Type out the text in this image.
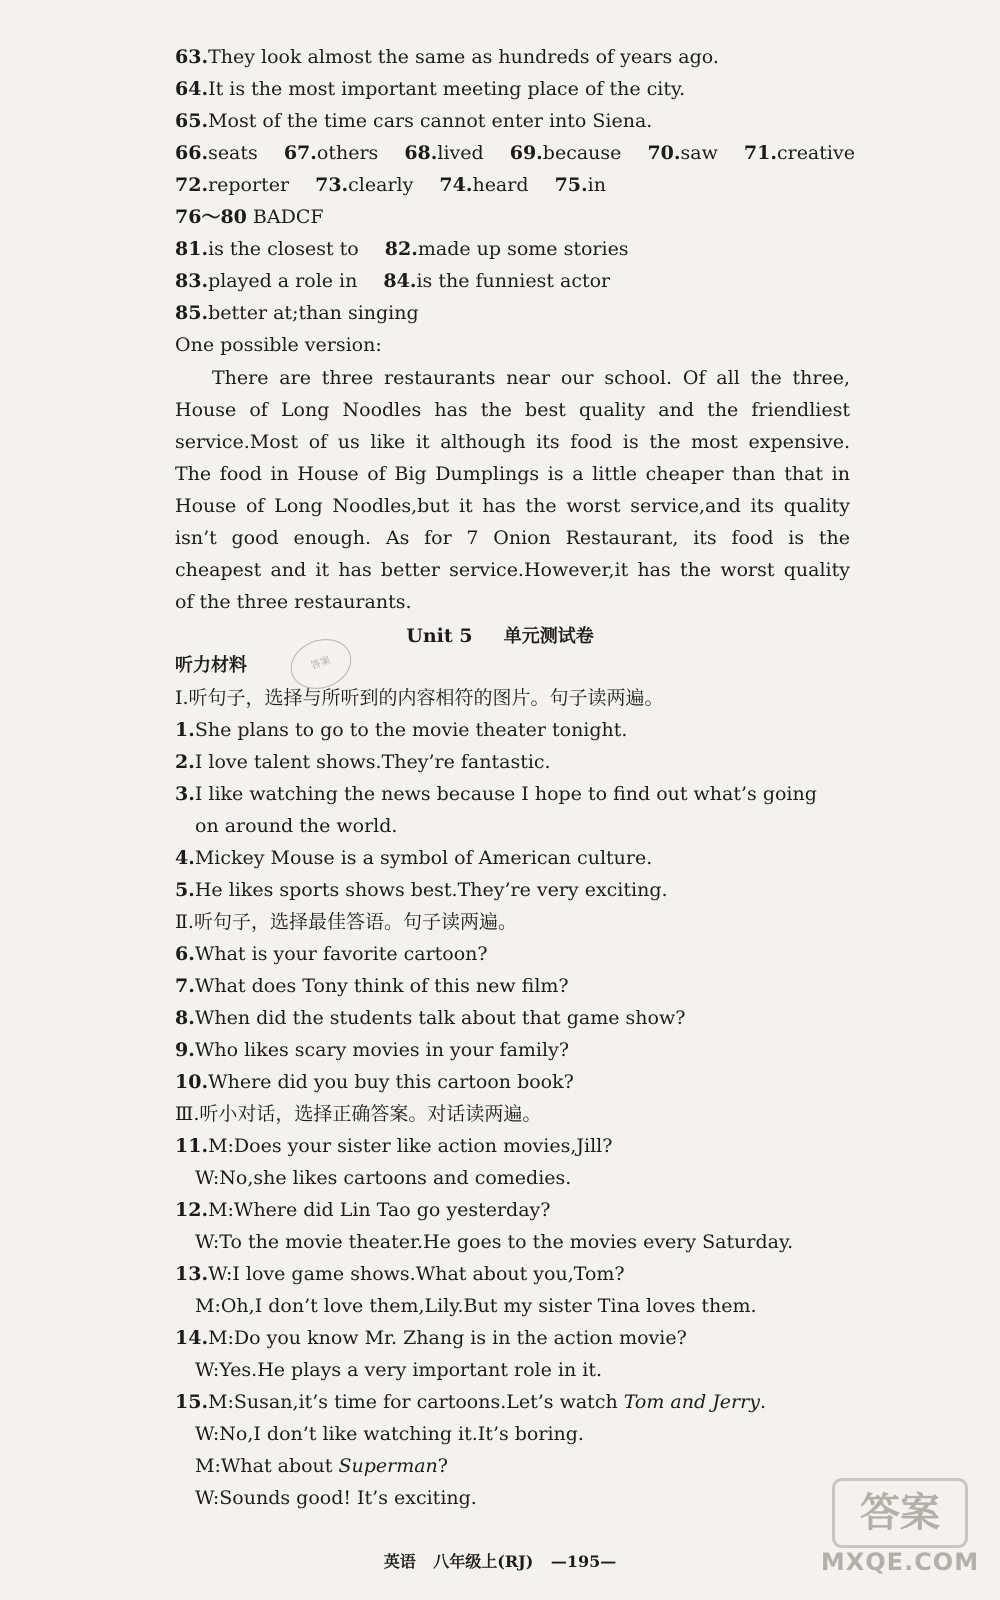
63.They look almost the same as hundreds of years ago.
64.It is the most important meeting place of the city.
65.Most of the time cars cannot enter into Siena.
66.seats 67.others 68.lived 69.because 70.saw 71.creative
72.reporter 73.clearly 74.heard 75.in
76～80 BADCF
81.is the closest to 82.made up some stories
83.played a role in 84.is the funniest actor
85.better at;than singing
One possible version:
There are three restaurants near our school. Of all the three,
House of Long Noodles has the best quality and the friendliest
service.Most of us like it although its food is the most expensive.
The food in House of Big Dumplings is a little cheaper than that in
House of Long Noodles,but it has the worst service,and its quality
isn’t good enough. As for 7 Onion Restaurant, its food is the
cheapest and it has better service.However,it has the worst quality
of the three restaurants.
Unit 5 单元测试卷
听力材料	答案
Ⅰ.听句子，选择与所听到的内容相符的图片。句子读两遍。
1.She plans to go to the movie theater tonight.
2.I love talent shows.They’re fantastic.
3.I like watching the news because I hope to find out what’s going
on around the world.
4.Mickey Mouse is a symbol of American culture.
5.He likes sports shows best.They’re very exciting.
Ⅱ.听句子，选择最佳答语。句子读两遍。
6.What is your favorite cartoon?
7.What does Tony think of this new film?
8.When did the students talk about that game show?
9.Who likes scary movies in your family?
10.Where did you buy this cartoon book?
Ⅲ.听小对话，选择正确答案。对话读两遍。
11.M:Does your sister like action movies,Jill?
W:No,she likes cartoons and comedies.
12.M:Where did Lin Tao go yesterday?
W:To the movie theater.He goes to the movies every Saturday.
13.W:I love game shows.What about you,Tom?
M:Oh,I don’t love them,Lily.But my sister Tina loves them.
14.M:Do you know Mr. Zhang is in the action movie?
W:Yes.He plays a very important role in it.
15.M:Susan,it’s time for cartoons.Let’s watch Tom and Jerry.
W:No,I don’t like watching it.It’s boring.
M:What about Superman?
W:Sounds good! It’s exciting.
英语 八年级上(RJ) —195—
答案
MXQE.COM
